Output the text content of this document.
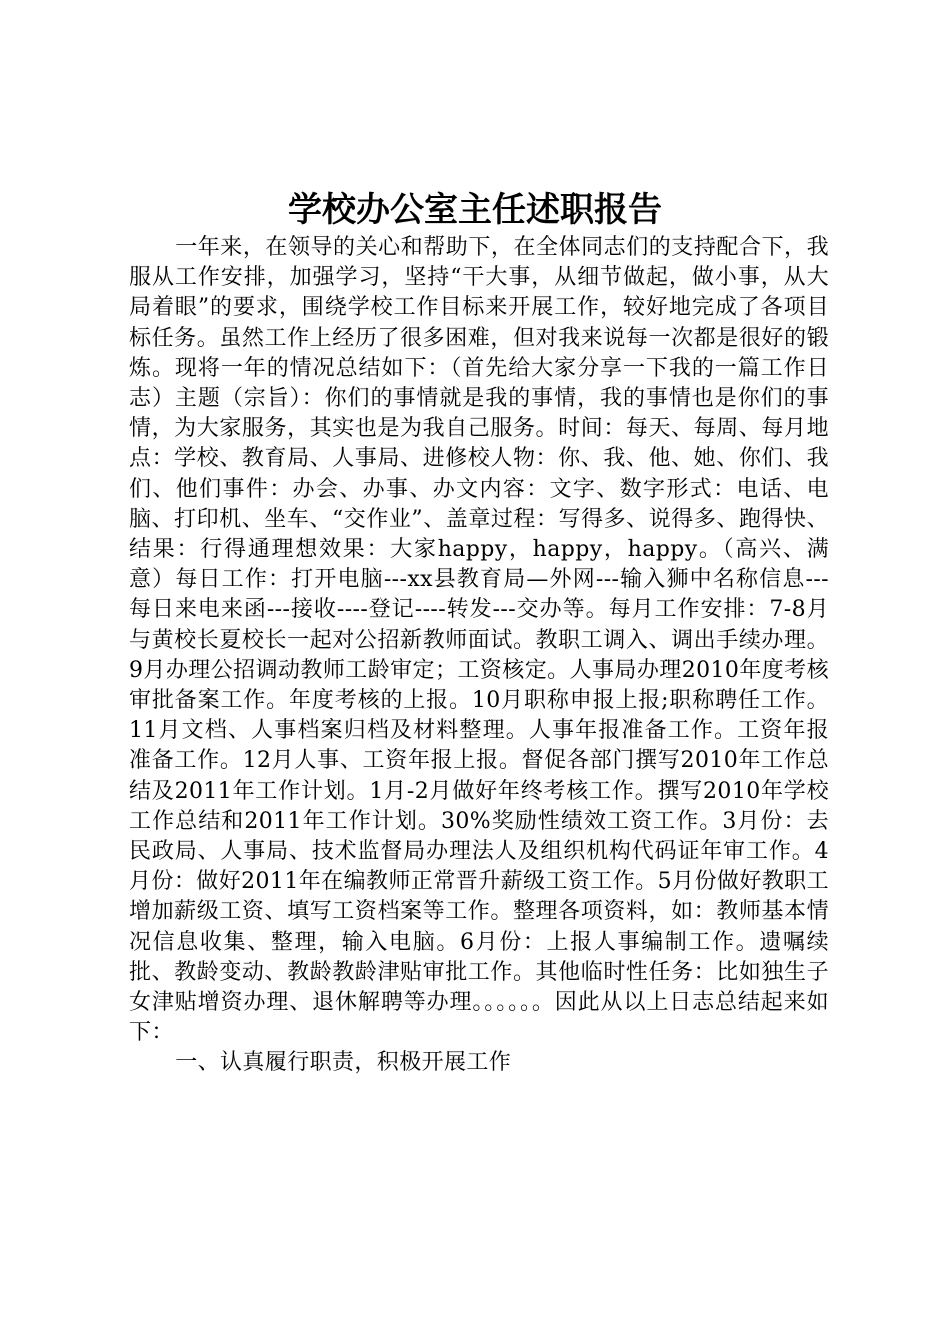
学校办公室主任述职报告

一年来，在领导的关心和帮助下，在全体同志们的支持配合下，我服从工作安排，加强学习，坚持“干大事，从细节做起，做小事，从大局着眼”的要求，围绕学校工作目标来开展工作，较好地完成了各项目标任务。虽然工作上经历了很多困难，但对我来说每一次都是很好的锻炼。现将一年的情况总结如下：（首先给大家分享一下我的一篇工作日志）主题（宗旨）：你们的事情就是我的事情，我的事情也是你们的事情，为大家服务，其实也是为我自己服务。时间：每天、每周、每月地点：学校、教育局、人事局、进修校人物：你、我、他、她、你们、我们、他们事件：办会、办事、办文内容：文字、数字形式：电话、电脑、打印机、坐车、“交作业”、盖章过程：写得多、说得多、跑得快、结果：行得通理想效果：大家happy，happy，happy。（高兴、满意）每日工作：打开电脑---xx县教育局—外网---输入狮中名称信息---每日来电来函---接收----登记----转发---交办等。每月工作安排：7-8月与黄校长夏校长一起对公招新教师面试。教职工调入、调出手续办理。9月办理公招调动教师工龄审定；工资核定。人事局办理2010年度考核审批备案工作。年度考核的上报。10月职称申报上报;职称聘任工作。11月文档、人事档案归档及材料整理。人事年报准备工作。工资年报准备工作。12月人事、工资年报上报。督促各部门撰写2010年工作总结及2011年工作计划。1月-2月做好年终考核工作。撰写2010年学校工作总结和2011年工作计划。30%奖励性绩效工资工作。3月份：去民政局、人事局、技术监督局办理法人及组织机构代码证年审工作。4月份：做好2011年在编教师正常晋升薪级工资工作。5月份做好教职工增加薪级工资、填写工资档案等工作。整理各项资料，如：教师基本情况信息收集、整理，输入电脑。6月份：上报人事编制工作。遗嘱续批、教龄变动、教龄教龄津贴审批工作。其他临时性任务：比如独生子女津贴增资办理、退休解聘等办理。。。。。。因此从以上日志总结起来如下：

一、认真履行职责，积极开展工作
